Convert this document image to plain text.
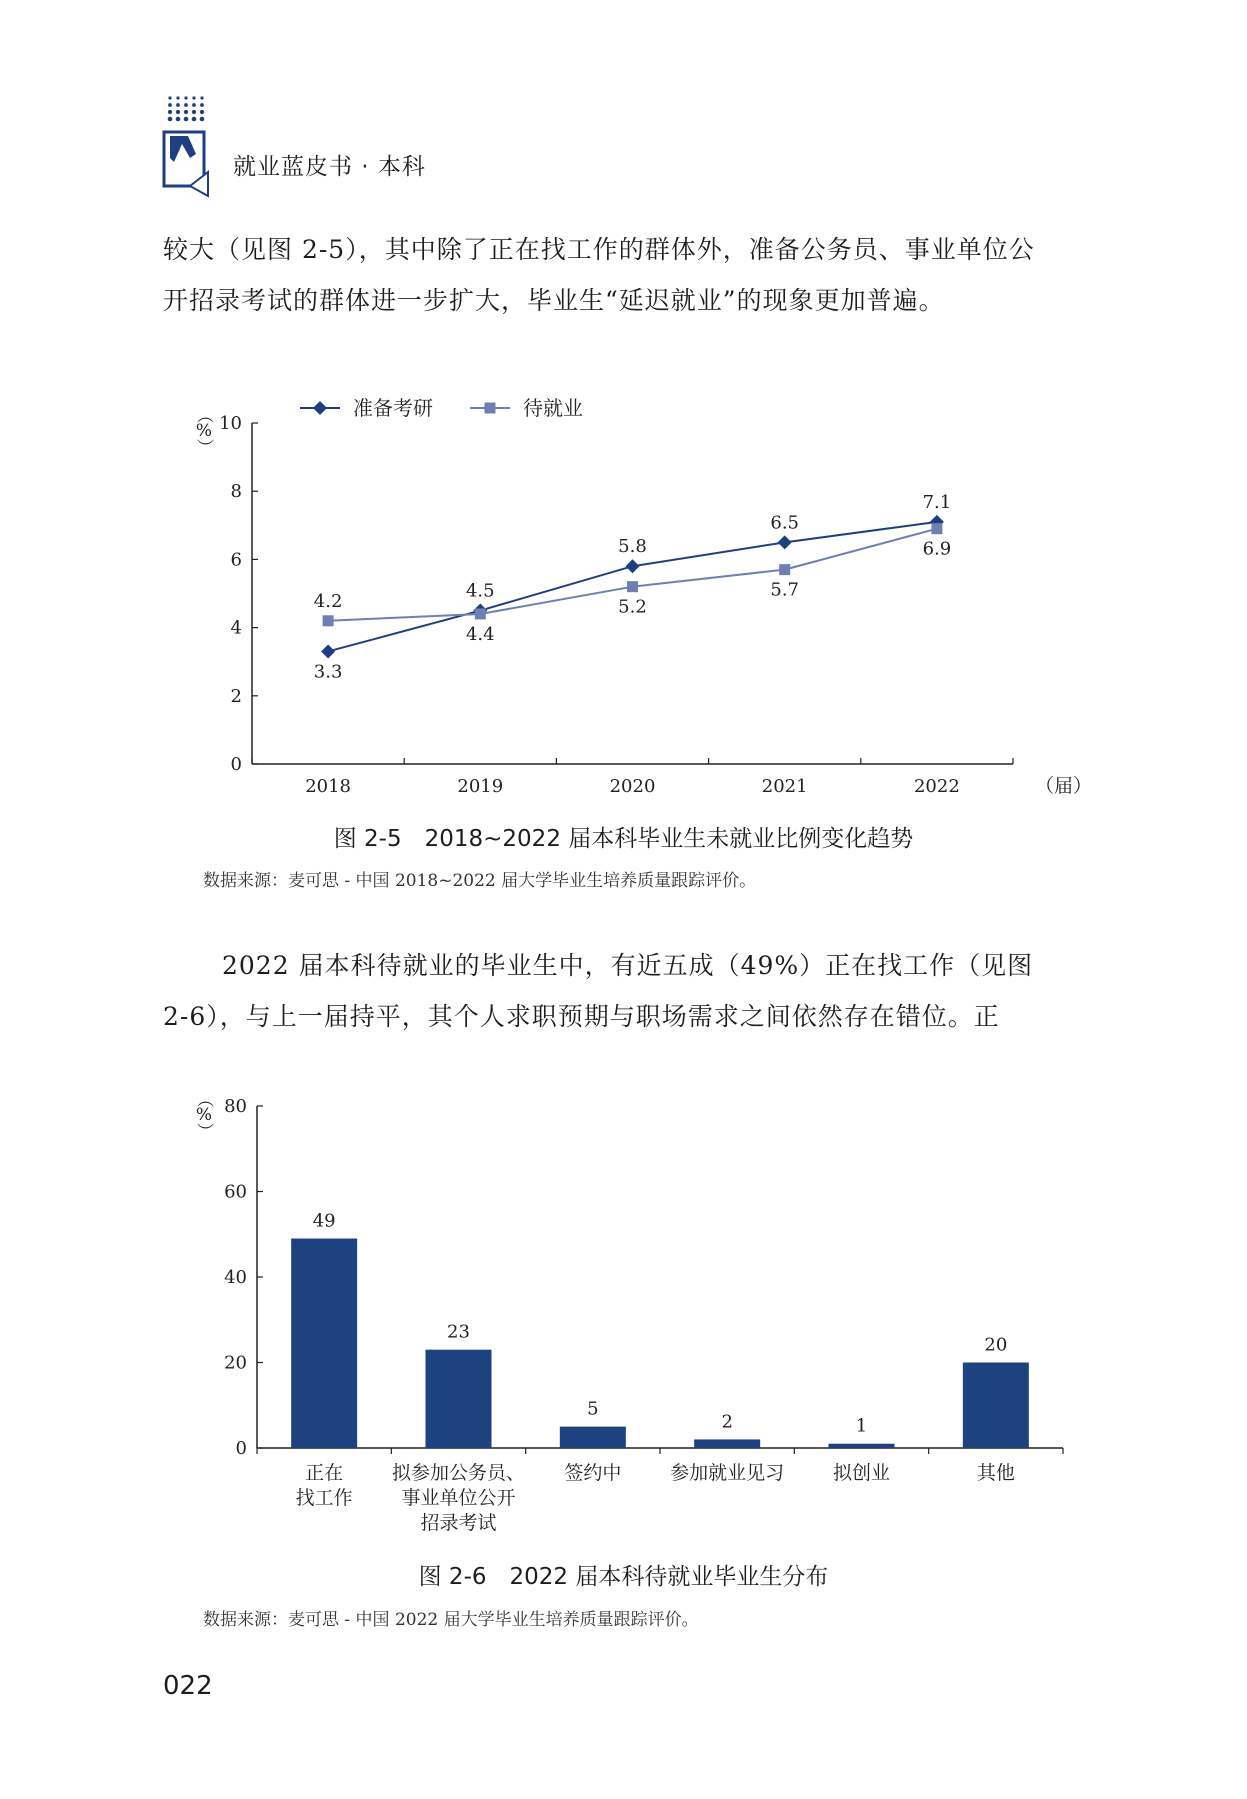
就业蓝皮书 · 本科

较大（见图 2-5），其中除了正在找工作的群体外，准备公务员、事业单位公

开招录考试的群体进一步扩大，毕业生“延迟就业”的现象更加普遍。

0
2
4
6
8
10
2018	2019	2020	2021	2022	（届）
（
%
）
3.3
4.5
5.8
6.5
7.1
4.2
4.4
5.2
5.7
6.9
准备考研	待就业
图 2-5　2018~2022 届本科毕业生未就业比例变化趋势
数据来源：麦可思 - 中国 2018~2022 届大学毕业生培养质量跟踪评价。

2022 届本科待就业的毕业生中，有近五成（49%）正在找工作（见图

2-6），与上一届持平，其个人求职预期与职场需求之间依然存在错位。正

0
20
40
60
80
（
%
）
49
正在
找工作
23
拟参加公务员、
事业单位公开
招录考试
5
签约中
2
参加就业见习
1
拟创业
20
其他
图 2-6　2022 届本科待就业毕业生分布
数据来源：麦可思 - 中国 2022 届大学毕业生培养质量跟踪评价。
022
